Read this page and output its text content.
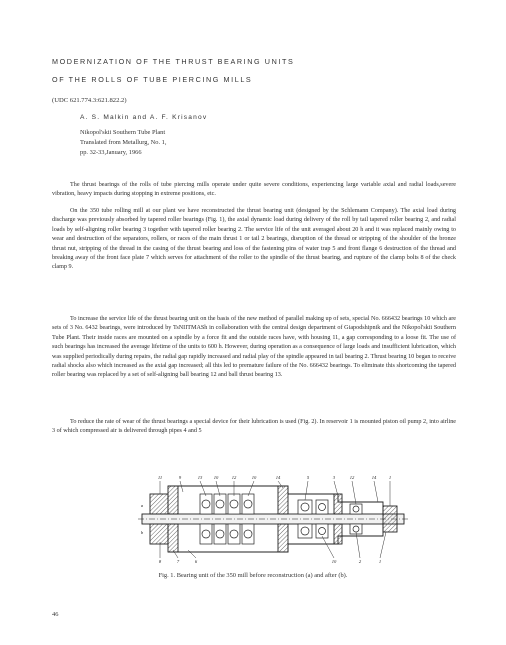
MODERNIZATION OF THE THRUST BEARING UNITS
OF THE ROLLS OF TUBE PIERCING MILLS
(UDC 621.774.3:621.822.2)
A. S. Malkin and A. F. Krisanov
Nikopol'skii Southern Tube Plant
Translated from Metallurg, No. 1,
pp. 32-33,January, 1966
The thrust bearings of the rolls of tube piercing mills operate under quite severe conditions, experiencing large variable axial and radial loads,severe vibration, heavy impacts during stopping in extreme positions, etc.
On the 350 tube rolling mill at our plant we have reconstructed the thrust bearing unit (designed by the Schlemann Company). The axial load during discharge was previously absorbed by tapered roller bearings (Fig. 1), the axial dynamic load during delivery of the roll by tail tapered roller bearing 2, and radial loads by self-aligning roller bearing 3 together with tapered roller bearing 2. The service life of the unit averaged about 20 h and it was replaced mainly owing to wear and destruction of the separators, rollers, or races of the main thrust 1 or tail 2 bearings, disruption of the thread or stripping of the shoulder of the bronze thrust nut, stripping of the thread in the casing of the thrust bearing and loss of the fastening pins of water trap 5 and front flange 6 destruction of the thread and breaking away of the front face plate 7 which serves for attachment of the roller to the spindle of the thrust bearing, and rupture of the clamp bolts 8 of the check clamp 9.
To increase the service life of the thrust bearing unit on the basis of the new method of parallel making up of sets, special No. 666432 bearings 10 which are sets of 3 No. 6432 bearings, were introduced by TsNIITMASh in collaboration with the central design department of Giapodshipnik and the Nikopol'skii Southern Tube Plant. Their inside races are mounted on a spindle by a force fit and the outside races have, with housing 11, a gap corresponding to a loose fit. The use of such bearings has increased the average lifetime of the units to 600 h. However, during operation as a consequence of large loads and insufficient lubrication, which was supplied periodically during repairs, the radial gap rapidly increased and radial play of the spindle appeared in tail bearing 2. Thrust bearing 10 began to receive radial shocks also which increased as the axial gap increased; all this led to premature failure of the No. 666432 bearings. To eliminate this shortcoming the tapered roller bearing was replaced by a set of self-aligning ball bearing 12 and ball thrust bearing 13.
To reduce the rate of wear of the thrust bearings a special device for their lubrication is used (Fig. 2). In reservoir 1 is mounted piston oil pump 2, into airline 3 of which compressed air is delivered through pipes 4 and 5
11	9	13 10	12	10	14	5	3	12	14	1
a
b
8	7	6	10	2	1
Fig. 1. Bearing unit of the 350 mill before reconstruction (a) and after (b).
46
